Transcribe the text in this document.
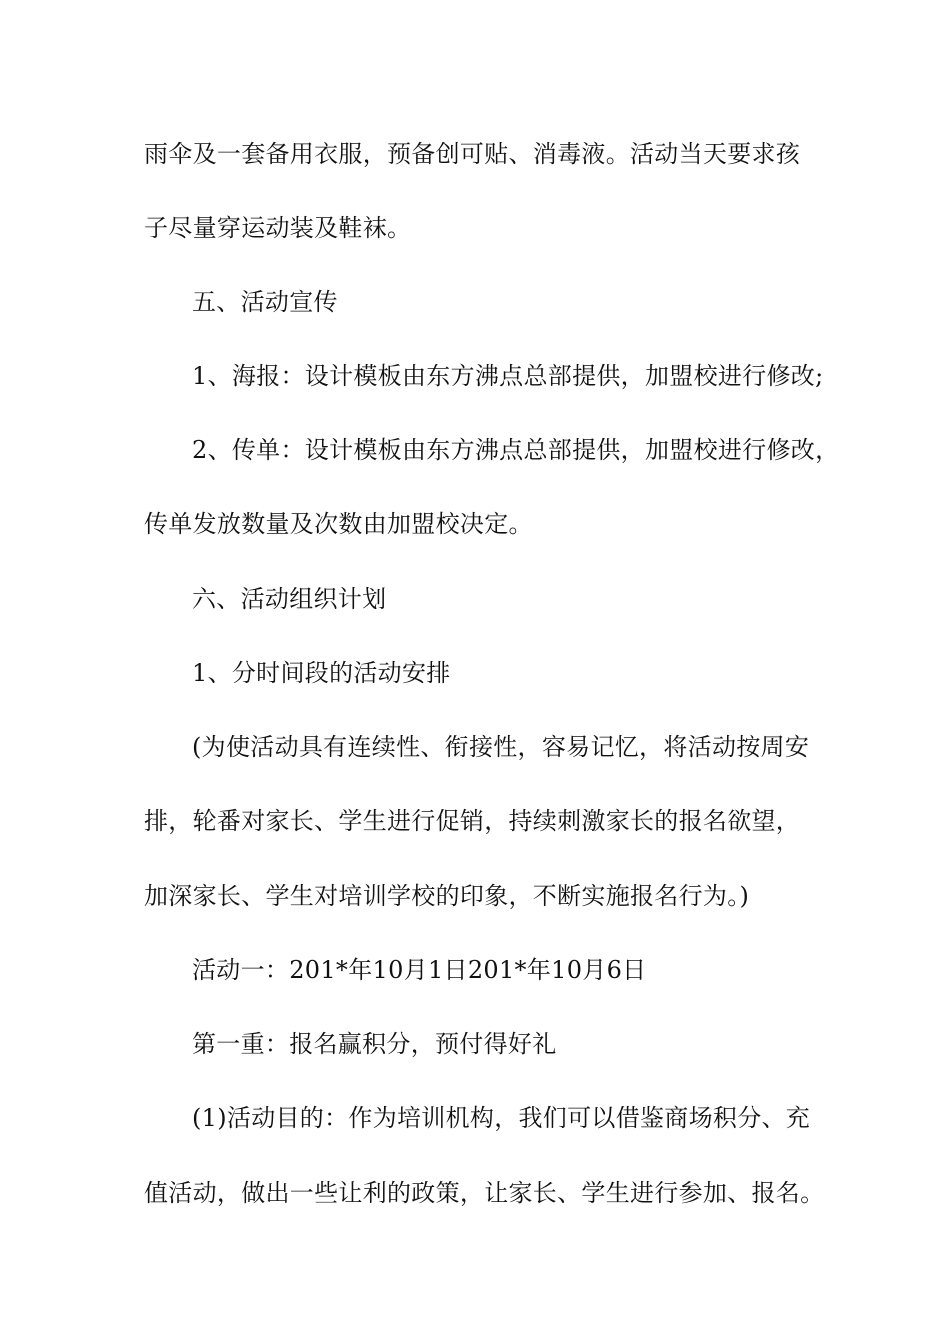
雨伞及一套备用衣服，预备创可贴、消毒液。活动当天要求孩
子尽量穿运动装及鞋袜。
五、活动宣传
1、海报：设计模板由东方沸点总部提供，加盟校进行修改;
2、传单：设计模板由东方沸点总部提供，加盟校进行修改，
传单发放数量及次数由加盟校决定。
六、活动组织计划
1、分时间段的活动安排
(为使活动具有连续性、衔接性，容易记忆，将活动按周安
排，轮番对家长、学生进行促销，持续刺激家长的报名欲望，
加深家长、学生对培训学校的印象，不断实施报名行为。)
活动一：201*年10月1日201*年10月6日
第一重：报名赢积分，预付得好礼
(1)活动目的：作为培训机构，我们可以借鉴商场积分、充
值活动，做出一些让利的政策，让家长、学生进行参加、报名。
